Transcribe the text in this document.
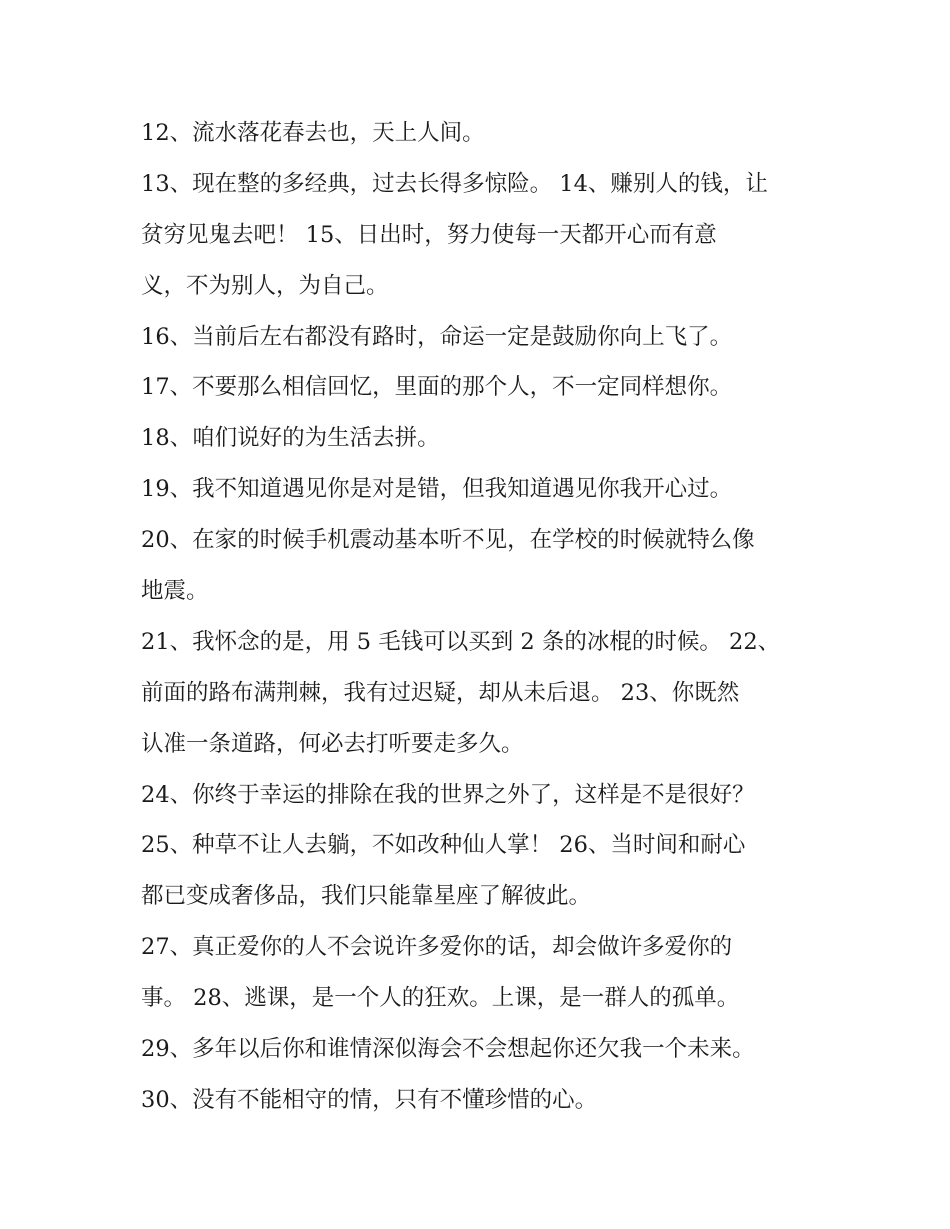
12、流水落花春去也，天上人间。
13、现在整的多经典，过去长得多惊险。 14、赚别人的钱，让
贫穷见鬼去吧！ 15、日出时，努力使每一天都开心而有意
义，不为别人，为自己。
16、当前后左右都没有路时，命运一定是鼓励你向上飞了。
17、不要那么相信回忆，里面的那个人，不一定同样想你。
18、咱们说好的为生活去拼。
19、我不知道遇见你是对是错，但我知道遇见你我开心过。
20、在家的时候手机震动基本听不见，在学校的时候就特么像
地震。
21、我怀念的是，用 5 毛钱可以买到 2 条的冰棍的时候。 22、
前面的路布满荆棘，我有过迟疑，却从未后退。 23、你既然
认准一条道路，何必去打听要走多久。
24、你终于幸运的排除在我的世界之外了，这样是不是很好？
25、种草不让人去躺，不如改种仙人掌！ 26、当时间和耐心
都已变成奢侈品，我们只能靠星座了解彼此。
27、真正爱你的人不会说许多爱你的话，却会做许多爱你的
事。 28、逃课，是一个人的狂欢。上课，是一群人的孤单。
29、多年以后你和谁情深似海会不会想起你还欠我一个未来。
30、没有不能相守的情，只有不懂珍惜的心。
